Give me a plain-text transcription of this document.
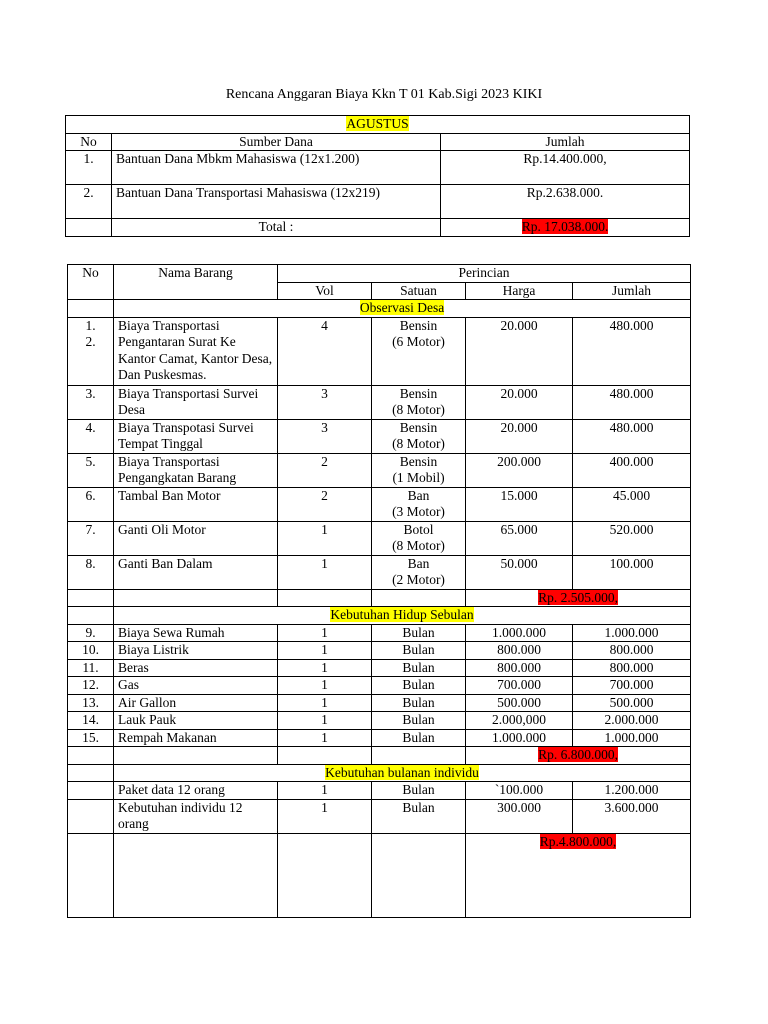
Rencana Anggaran Biaya Kkn T 01 Kab.Sigi 2023 KIKI
AGUSTUS		
No	Sumber Dana	Jumlah
1.	Bantuan Dana Mbkm Mahasiswa (12x1.200)	Rp.14.400.000,
2.	Bantuan Dana Transportasi Mahasiswa (12x219)	Rp.2.638.000.
	Total :	Rp. 17.038.000.
No	Nama Barang	Perincian			
		Vol	Satuan	Harga	Jumlah
	Observasi Desa				
1.
2.	Biaya Transportasi Pengantaran Surat Ke Kantor Camat, Kantor Desa, Dan Puskesmas.	4	Bensin
(6 Motor)	20.000	480.000
3.	Biaya Transportasi Survei Desa	3	Bensin
(8 Motor)	20.000	480.000
4.	Biaya Transpotasi Survei Tempat Tinggal	3	Bensin
(8 Motor)	20.000	480.000
5.	Biaya Transportasi Pengangkatan Barang	2	Bensin
(1 Mobil)	200.000	400.000
6.	Tambal Ban Motor	2	Ban
(3 Motor)	15.000	45.000
7.	Ganti Oli Motor	1	Botol
(8 Motor)	65.000	520.000
8.	Ganti Ban Dalam	1	Ban
(2 Motor)	50.000	100.000
				Rp. 2.505.000,	
	Kebutuhan Hidup Sebulan				
9.	Biaya Sewa Rumah	1	Bulan	1.000.000	1.000.000
10.	Biaya Listrik	1	Bulan	800.000	800.000
11.	Beras	1	Bulan	800.000	800.000
12.	Gas	1	Bulan	700.000	700.000
13.	Air Gallon	1	Bulan	500.000	500.000
14.	Lauk Pauk	1	Bulan	2.000,000	2.000.000
15.	Rempah Makanan	1	Bulan	1.000.000	1.000.000
				Rp. 6.800.000,	
	Kebutuhan bulanan individu				
	Paket data 12 orang	1	Bulan	`100.000	1.200.000
	Kebutuhan individu 12 orang	1	Bulan	300.000	3.600.000
				Rp.4.800.000,	
